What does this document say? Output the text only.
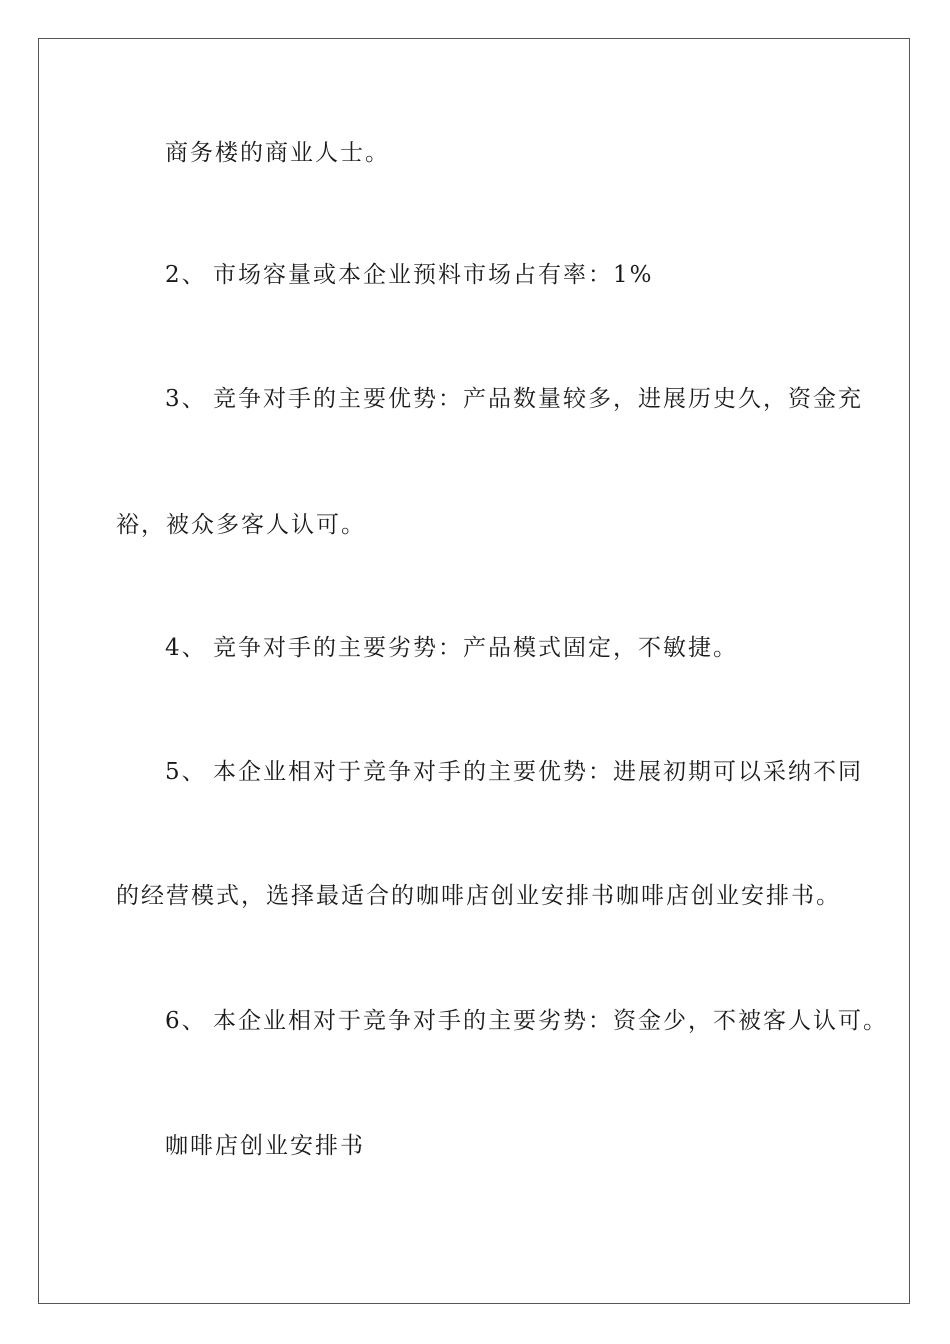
商务楼的商业人士。
2、 市场容量或本企业预料市场占有率：1%
3、 竞争对手的主要优势：产品数量较多，进展历史久，资金充
裕，被众多客人认可。
4、 竞争对手的主要劣势：产品模式固定，不敏捷。
5、 本企业相对于竞争对手的主要优势：进展初期可以采纳不同
的经营模式，选择最适合的咖啡店创业安排书咖啡店创业安排书。
6、 本企业相对于竞争对手的主要劣势：资金少，不被客人认可。
咖啡店创业安排书
